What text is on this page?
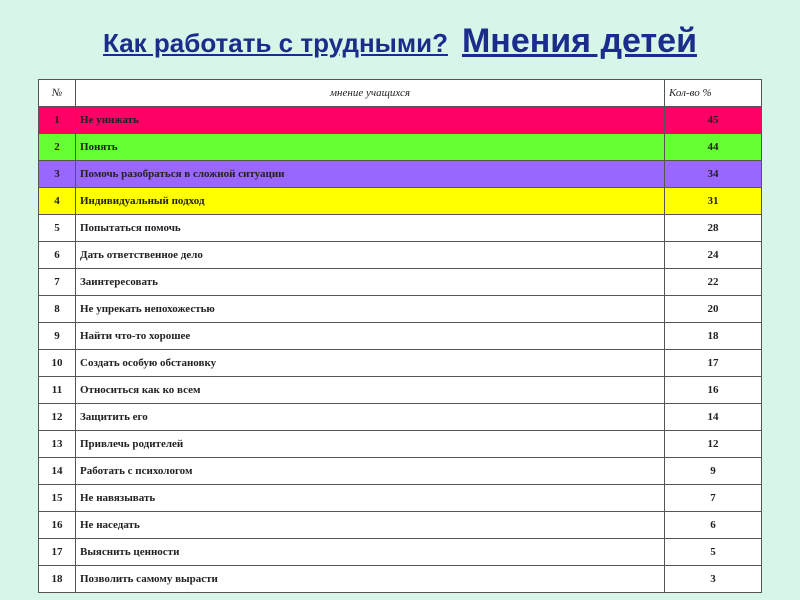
Как работать с трудными? Мнения детей
№	мнение учащихся	Кол-во %
1	Не унижать	45
2	Понять	44
3	Помочь разобраться в сложной ситуации	34
4	Индивидуальный подход	31
5	Попытаться помочь	28
6	Дать ответственное дело	24
7	Заинтересовать	22
8	Не упрекать непохожестью	20
9	Найти что-то хорошее	18
10	Создать особую обстановку	17
11	Относиться как ко всем	16
12	Защитить его	14
13	Привлечь родителей	12
14	Работать с психологом	9
15	Не навязывать	7
16	Не наседать	6
17	Выяснить ценности	5
18	Позволить самому вырасти	3
